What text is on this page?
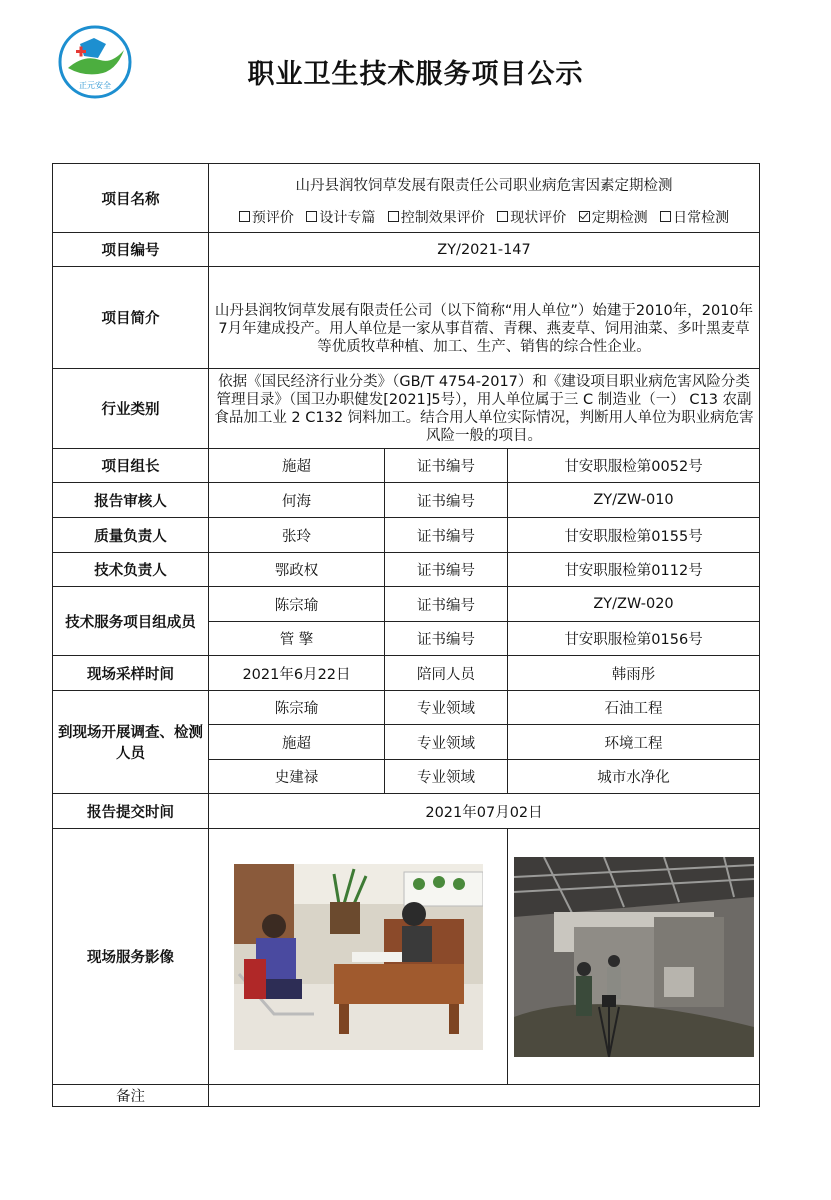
正元安全	职业卫生技术服务项目公示
项目名称	山丹县润牧饲草发展有限责任公司职业病危害因素定期检测
预评价 设计专篇 控制效果评价 现状评价 定期检测 日常检测		

项目编号	ZY/2021-147		
项目简介	山丹县润牧饲草发展有限责任公司（以下简称“用人单位”）始建于2010年，2010年7月年建成投产。用人单位是一家从事苜蓿、青稞、燕麦草、饲用油菜、多叶黑麦草等优质牧草种植、加工、生产、销售的综合性企业。		
行业类别	依据《国民经济行业分类》（GB/T 4754-2017）和《建设项目职业病危害风险分类管理目录》（国卫办职健发[2021]5号），用人单位属于三 C 制造业（一） C13 农副食品加工业 2 C132 饲料加工。结合用人单位实际情况，判断用人单位为职业病危害风险一般的项目。		
项目组长	施超	证书编号	甘安职服检第0052号
报告审核人	何海	证书编号	ZY/ZW-010
质量负责人	张玲	证书编号	甘安职服检第0155号
技术负责人	鄂政权	证书编号	甘安职服检第0112号
技术服务项目组成员	陈宗瑜	证书编号	ZY/ZW-020
	管 擎	证书编号	甘安职服检第0156号
现场采样时间	2021年6月22日	陪同人员	韩雨彤
到现场开展调查、检测人员	陈宗瑜	专业领域	石油工程
	施超	专业领域	环境工程
	史建禄	专业领域	城市水净化
报告提交时间	2021年07月02日		
现场服务影像	

备注			
